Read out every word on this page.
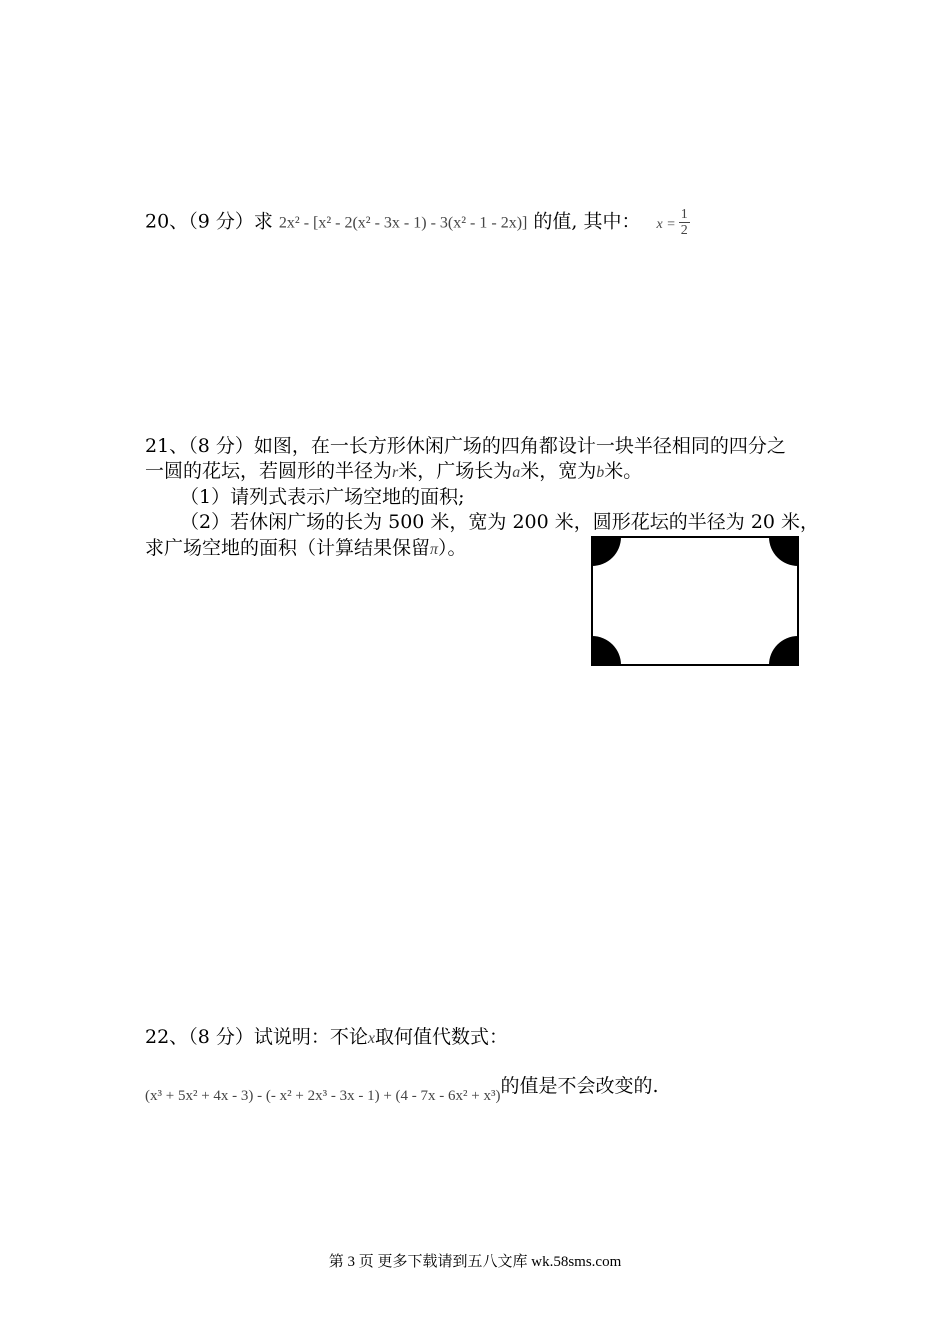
20、（9 分）求 2x² - [x² - 2(x² - 3x - 1) - 3(x² - 1 - 2x)] 的值, 其中： $x = \frac{1}{2}$
21、（8 分）如图，在一长方形休闲广场的四角都设计一块半径相同的四分之
一圆的花坛，若圆形的半径为r米，广场长为a米，宽为b米。
（1）请列式表示广场空地的面积;
（2）若休闲广场的长为 500 米，宽为 200 米，圆形花坛的半径为 20 米，
求广场空地的面积（计算结果保留π）。
22、（8 分）试说明：不论x取何值代数式：
(x³ + 5x² + 4x - 3) - (- x² + 2x³ - 3x - 1) + (4 - 7x - 6x² + x³)的值是不会改变的.
第 3 页 更多下载请到五八文库 wk.58sms.com
